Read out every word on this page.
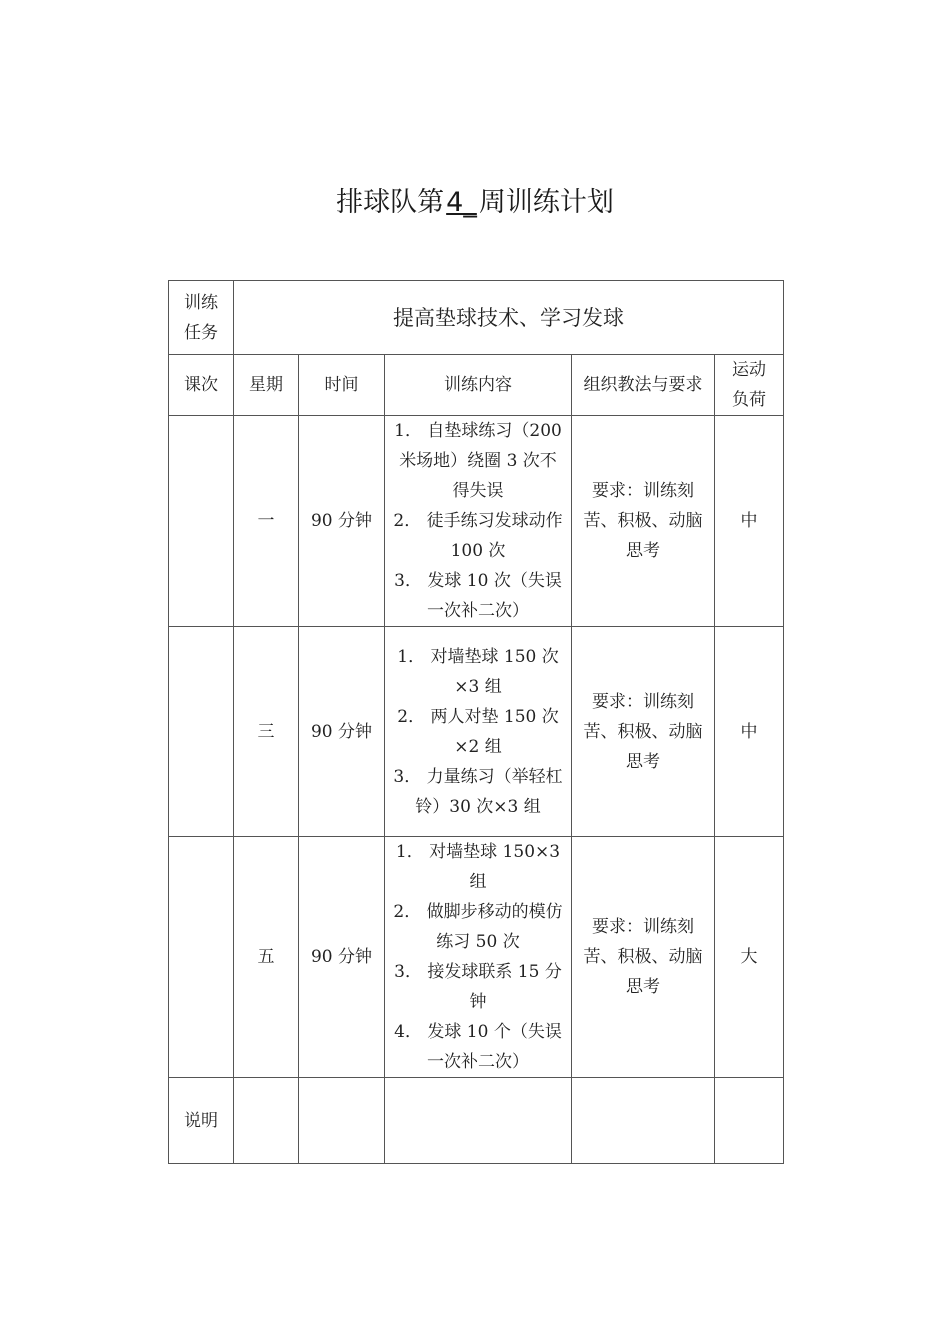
排球队第4_周训练计划
训练
任务	提高垫球技术、学习发球				
课次	星期	时间	训练内容	组织教法与要求	运动
负荷
	一	90 分钟	1． 自垫球练习（200米场地）绕圈 3 次不得失误
2． 徒手练习发球动作 100 次
3． 发球 10 次（失误一次补二次）	要求：训练刻苦、积极、动脑思考	中
	三	90 分钟	1． 对墙垫球 150 次×3 组
2． 两人对垫 150 次×2 组
3． 力量练习（举轻杠铃）30 次×3 组	要求：训练刻苦、积极、动脑思考	中
	五	90 分钟	1． 对墙垫球 150×3 组
2． 做脚步移动的模仿练习 50 次
3． 接发球联系 15 分钟
4． 发球 10 个（失误一次补二次）	要求：训练刻苦、积极、动脑思考	大
说明					
